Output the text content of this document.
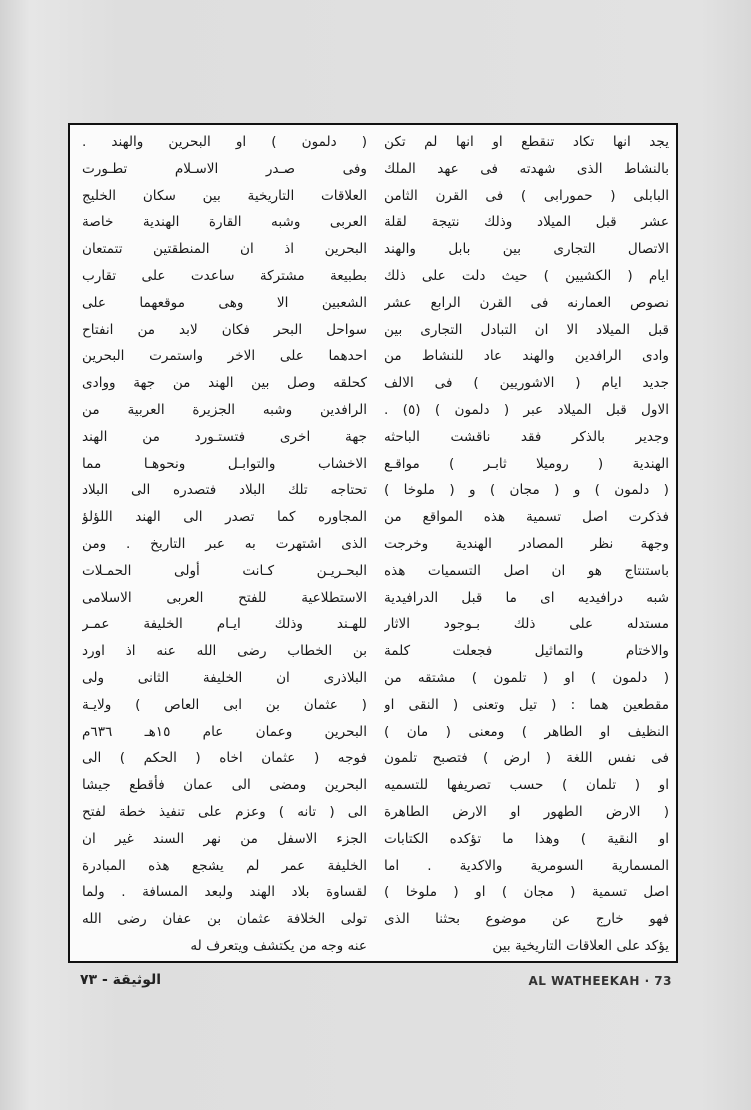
يجد انها تكاد تنقطع او انها لم تكن
بالنشاط الذى شهدته فى عهد الملك
البابلى ( حمورابى ) فى القرن الثامن
عشر قبل الميلاد وذلك نتيجة لقلة
الاتصال التجارى بين بابل والهند
ايام ( الكشيين ) حيث دلت على ذلك
نصوص العمارنه فى القرن الرابع عشر
قبل الميلاد الا ان التبادل التجارى بين
وادى الرافدين والهند عاد للنشاط من
جديد ايام ( الاشوريين ) فى الالف
الاول قبل الميلاد عبر ( دلمون ) (٥) .
وجدير بالذكر فقد ناقشت الباحثه
الهندية ( روميلا ثابـر ) مواقـع
( دلمون ) و ( مجان ) و ( ملوخا )
فذكرت اصل تسمية هذه المواقع من
وجهة نظر المصادر الهندية وخرجت
باستنتاج هو ان اصل التسميات هذه
شبه درافيديه اى ما قبل الدرافيدية
مستدله على ذلك بـوجود الاثار
والاختام والتماثيل فجعلت كلمة
( دلمون ) او ( تلمون ) مشتقه من
مقطعين هما : ( تيل وتعنى ( النقى او
النظيف او الطاهر ) ومعنى ( مان )
فى نفس اللغة ( ارض ) فتصبح تلمون
او ( تلمان ) حسب تصريفها للتسميه
( الارض الطهور او الارض الطاهرة
او النقية ) وهذا ما تؤكده الكتابات
المسمارية السومرية والاكدية . اما
اصل تسمية ( مجان ) او ( ملوخا )
فهو خارج عن موضوع بحثنا الذى
يؤكد على العلاقات التاريخية بين
( دلمون ) او البحرين والهند .
وفى صـدر الاسـلام تطـورت
العلاقات التاريخية بين سكان الخليج
العربى وشبه القارة الهندية خاصة
البحرين اذ ان المنطقتين تتمتعان
بطبيعة مشتركة ساعدت على تقارب
الشعبين الا وهى موقعهما على
سواحل البحر فكان لابد من انفتاح
احدهما على الاخر واستمرت البحرين
كحلقه وصل بين الهند من جهة ووادى
الرافدين وشبه الجزيرة العربية من
جهة اخرى فتستـورد من الهند
الاخشاب والتوابـل ونحوهـا مما
تحتاجه تلك البلاد فتصدره الى البلاد
المجاوره كما تصدر الى الهند اللؤلؤ
الذى اشتهرت به عبر التاريخ . ومن
البحـريـن كـانت أولى الحمـلات
الاستطلاعية للفتح العربى الاسلامى
للهـند وذلك ايـام الخليفة عمـر
بن الخطاب رضى الله عنه اذ اورد
البلاذرى ان الخليفة الثانى ولى
( عثمان بن ابى العاص ) ولايـة
البحرين وعمان عام ١٥هـ ٦٣٦م
فوجه ( عثمان اخاه ( الحكم ) الى
البحرين ومضى الى عمان فأقطع جيشا
الى ( تانه ) وعزم على تنفيذ خطة لفتح
الجزء الاسفل من نهر السند غير ان
الخليفة عمر لم يشجع هذه المبادرة
لقساوة بلاد الهند ولبعد المسافة . ولما
تولى الخلافة عثمان بن عفان رضى الله
عنه وجه من يكتشف ويتعرف له
الوثيقة - ٧٣	AL WATHEEKAH · 73
